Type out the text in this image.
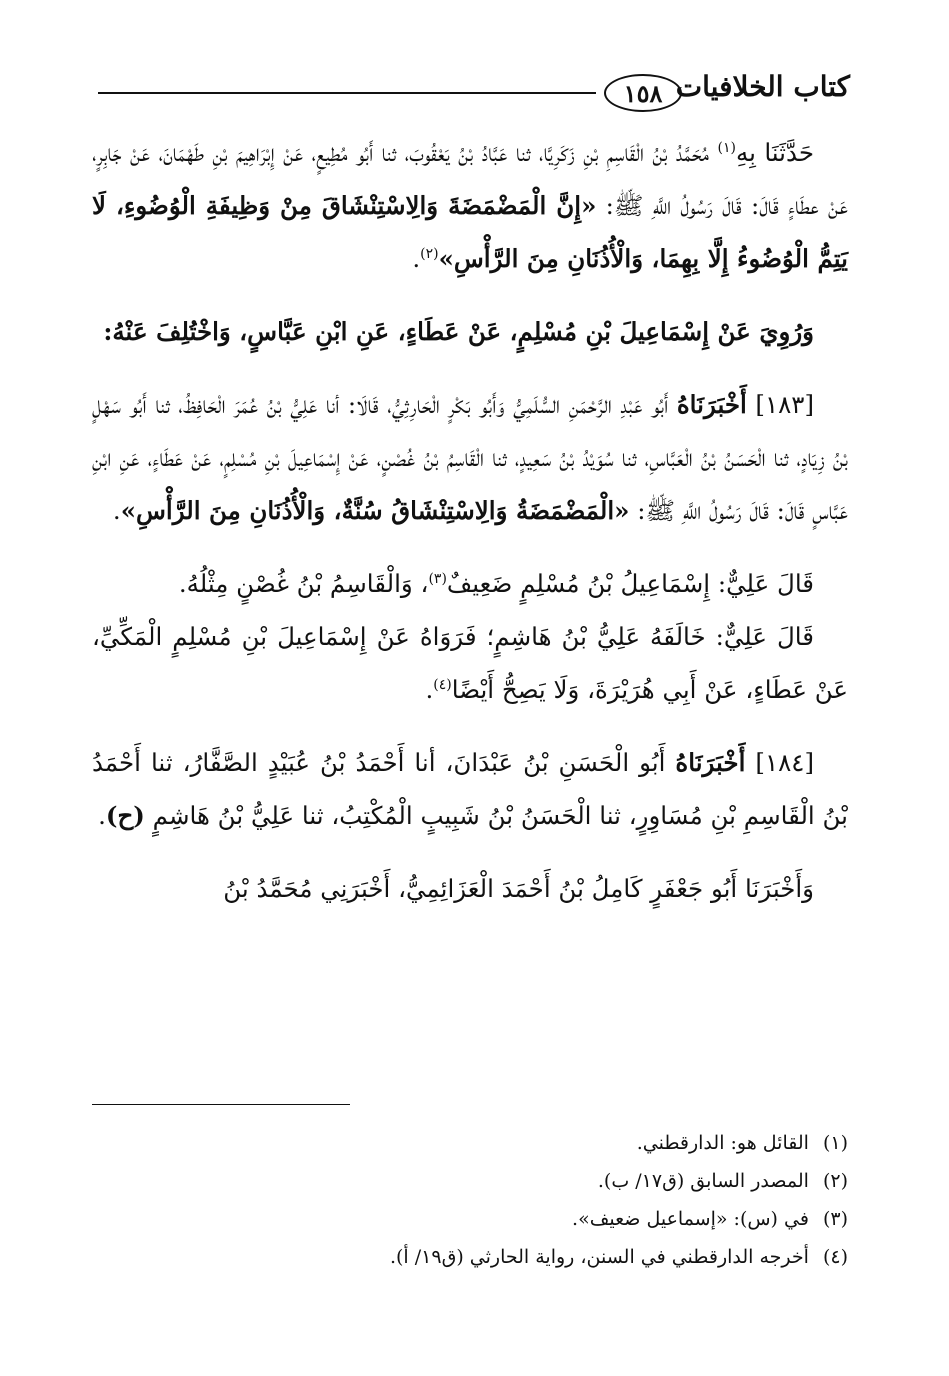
كتاب الخلافيات
١٥٨

حَدَّثَنَا بِهِ$^{(١)}$ مُحَمَّدُ بْنُ الْقَاسِمِ بْنِ زَكَرِيَّا، ثنا عَبَّادُ بْنُ يَعْقُوبَ، ثنا أَبُو مُطِيعٍ، عَنْ إِبْرَاهِيمَ بْنِ طَهْمَانَ، عَنْ جَابِرٍ، عَنْ عطَاءٍ قَالَ: قَالَ رَسُولُ اللَّهِ ﷺ: «إِنَّ الْمَضْمَضَةَ وَالِاسْتِنْشَاقَ مِنْ وَظِيفَةِ الْوُضُوءِ، لَا يَتِمُّ الْوُضُوءُ إِلَّا بِهِمَا، وَالْأُذُنَانِ مِنَ الرَّأْسِ»$^{(٢)}$.

وَرُوِيَ عَنْ إِسْمَاعِيلَ بْنِ مُسْلِمٍ، عَنْ عَطَاءٍ، عَنِ ابْنِ عَبَّاسٍ، وَاخْتُلِفَ عَنْهُ:

[١٨٣] أَخْبَرَنَاهُ أَبُو عَبْدِ الرَّحْمَنِ السُّلَمِيُّ وَأَبُو بَكْرٍ الْحَارِثِيُّ، قَالَا: أنا عَلِيُّ بْنُ عُمَرَ الْحَافِظُ، ثنا أَبُو سَهْلٍ بْنُ زِيَادٍ، ثنا الْحَسَنُ بْنُ الْعَبَّاسِ، ثنا سُوَيْدُ بْنُ سَعِيدٍ، ثنا الْقَاسِمُ بْنُ غُصْنٍ، عَنْ إِسْمَاعِيلَ بْنِ مُسْلِمٍ، عَنْ عَطَاءٍ، عَنِ ابْنِ عَبَّاسٍ قَالَ: قَالَ رَسُولُ اللَّهِ ﷺ: «الْمَضْمَضَةُ وَالِاسْتِنْشَاقُ سُنَّةٌ، وَالْأُذُنَانِ مِنَ الرَّأْسِ».

قَالَ عَلِيٌّ: إِسْمَاعِيلُ بْنُ مُسْلِمٍ ضَعِيفٌ$^{(٣)}$، وَالْقَاسِمُ بْنُ غُصْنٍ مِثْلُهُ.

قَالَ عَلِيٌّ: خَالَفَهُ عَلِيُّ بْنُ هَاشِمٍ؛ فَرَوَاهُ عَنْ إِسْمَاعِيلَ بْنِ مُسْلِمٍ الْمَكِّيِّ، عَنْ عَطَاءٍ، عَنْ أَبِي هُرَيْرَةَ، وَلَا يَصِحُّ أَيْضًا$^{(٤)}$.

[١٨٤] أَخْبَرَنَاهُ أَبُو الْحَسَنِ بْنُ عَبْدَانَ، أنا أَحْمَدُ بْنُ عُبَيْدٍ الصَّفَّارُ، ثنا أَحْمَدُ بْنُ الْقَاسِمِ بْنِ مُسَاوِرٍ، ثنا الْحَسَنُ بْنُ شَبِيبٍ الْمُكْتِبُ، ثنا عَلِيُّ بْنُ هَاشِمٍ (ح).

وَأَخْبَرَنَا أَبُو جَعْفَرٍ كَامِلُ بْنُ أَحْمَدَ الْعَزَائِمِيُّ، أَخْبَرَنِي مُحَمَّدُ بْنُ

(١)
القائل هو: الدارقطني.
(٢)
المصدر السابق (ق١٧/ ب).
(٣)
في (س): «إسماعيل ضعيف».
(٤)
أخرجه الدارقطني في السنن، رواية الحارثي (ق١٩/ أ).
